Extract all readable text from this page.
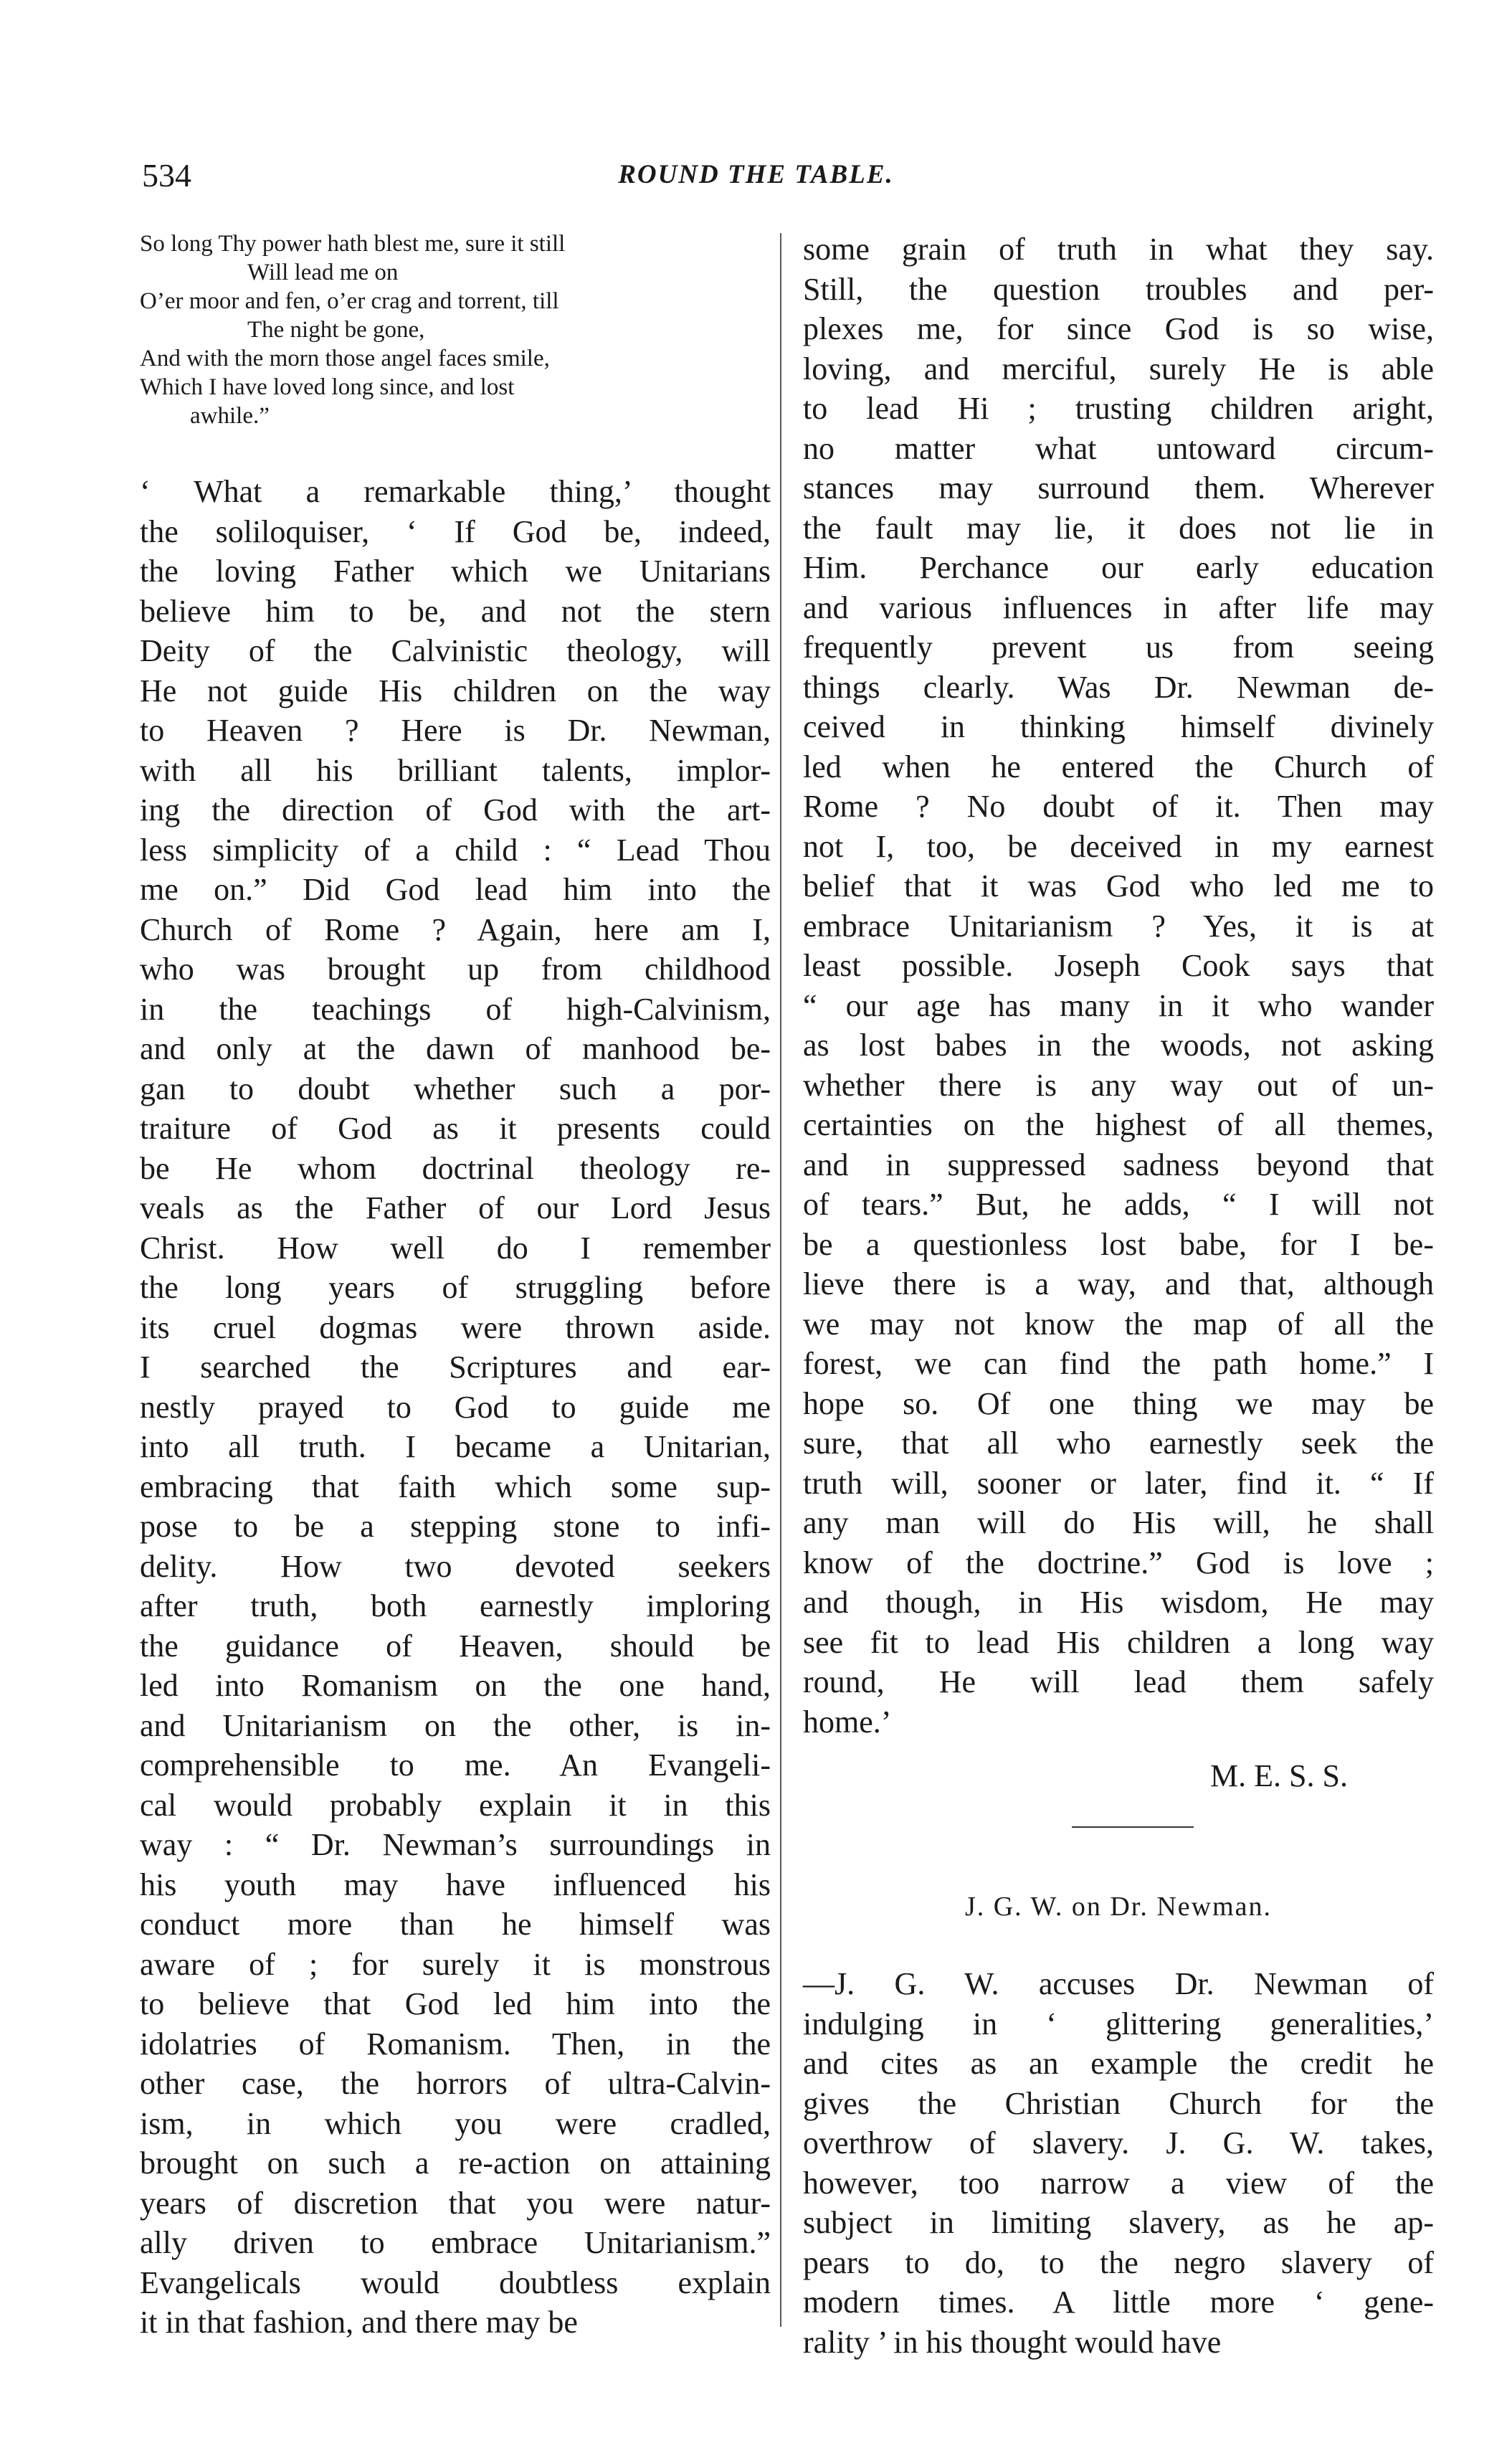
534	ROUND THE TABLE.
So long Thy power hath blest me, sure it still
Will lead me on
O’er moor and fen, o’er crag and torrent, till
The night be gone,
And with the morn those angel faces smile,
Which I have loved long since, and lost
awhile.”
‘ What a remarkable thing,’ thought
the soliloquiser, ‘ If God be, indeed,
the loving Father which we Unitarians
believe him to be, and not the stern
Deity of the Calvinistic theology, will
He not guide His children on the way
to Heaven ? Here is Dr. Newman,
with all his brilliant talents, implor-
ing the direction of God with the art-
less simplicity of a child : “ Lead Thou
me on.” Did God lead him into the
Church of Rome ? Again, here am I,
who was brought up from childhood
in the teachings of high-Calvinism,
and only at the dawn of manhood be-
gan to doubt whether such a por-
traiture of God as it presents could
be He whom doctrinal theology re-
veals as the Father of our Lord Jesus
Christ. How well do I remember
the long years of struggling before
its cruel dogmas were thrown aside.
I searched the Scriptures and ear-
nestly prayed to God to guide me
into all truth. I became a Unitarian,
embracing that faith which some sup-
pose to be a stepping stone to infi-
delity. How two devoted seekers
after truth, both earnestly imploring
the guidance of Heaven, should be
led into Romanism on the one hand,
and Unitarianism on the other, is in-
comprehensible to me. An Evangeli-
cal would probably explain it in this
way : “ Dr. Newman’s surroundings in
his youth may have influenced his
conduct more than he himself was
aware of ; for surely it is monstrous
to believe that God led him into the
idolatries of Romanism. Then, in the
other case, the horrors of ultra-Calvin-
ism, in which you were cradled,
brought on such a re-action on attaining
years of discretion that you were natur-
ally driven to embrace Unitarianism.”
Evangelicals would doubtless explain
it in that fashion, and there may be
some grain of truth in what they say.
Still, the question troubles and per-
plexes me, for since God is so wise,
loving, and merciful, surely He is able
to lead Hi ; trusting children aright,
no matter what untoward circum-
stances may surround them. Wherever
the fault may lie, it does not lie in
Him. Perchance our early education
and various influences in after life may
frequently prevent us from seeing
things clearly. Was Dr. Newman de-
ceived in thinking himself divinely
led when he entered the Church of
Rome ? No doubt of it. Then may
not I, too, be deceived in my earnest
belief that it was God who led me to
embrace Unitarianism ? Yes, it is at
least possible. Joseph Cook says that
“ our age has many in it who wander
as lost babes in the woods, not asking
whether there is any way out of un-
certainties on the highest of all themes,
and in suppressed sadness beyond that
of tears.” But, he adds, “ I will not
be a questionless lost babe, for I be-
lieve there is a way, and that, although
we may not know the map of all the
forest, we can find the path home.” I
hope so. Of one thing we may be
sure, that all who earnestly seek the
truth will, sooner or later, find it. “ If
any man will do His will, he shall
know of the doctrine.” God is love ;
and though, in His wisdom, He may
see fit to lead His children a long way
round, He will lead them safely
home.’
M. E. S. S.
J. G. W. on Dr. Newman.
—J. G. W. accuses Dr. Newman of
indulging in ‘ glittering generalities,’
and cites as an example the credit he
gives the Christian Church for the
overthrow of slavery. J. G. W. takes,
however, too narrow a view of the
subject in limiting slavery, as he ap-
pears to do, to the negro slavery of
modern times. A little more ‘ gene-
rality ’ in his thought would have
